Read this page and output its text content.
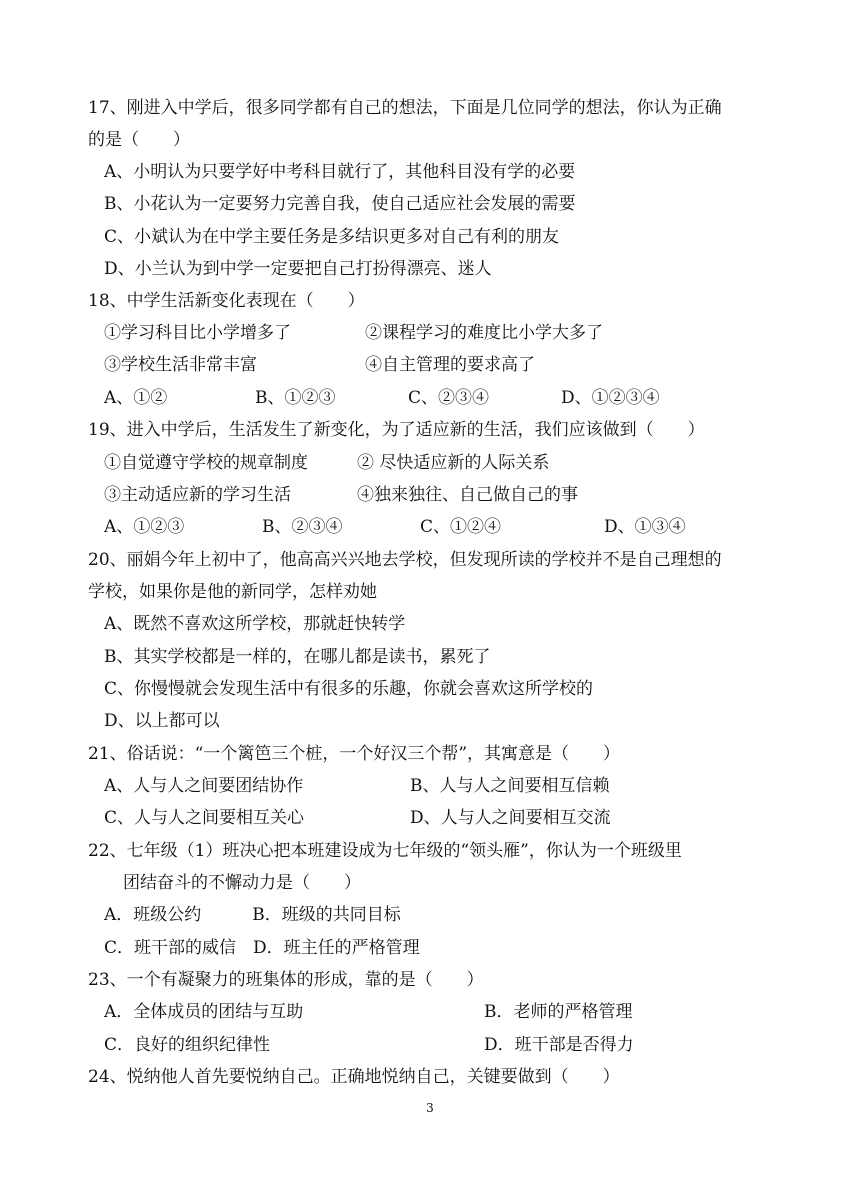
17、刚进入中学后，很多同学都有自己的想法，下面是几位同学的想法，你认为正确
的是（　　）
A、小明认为只要学好中考科目就行了，其他科目没有学的必要
B、小花认为一定要努力完善自我，使自己适应社会发展的需要
C、小斌认为在中学主要任务是多结识更多对自己有利的朋友
D、小兰认为到中学一定要把自己打扮得漂亮、迷人
18、中学生活新变化表现在（　　）
①学习科目比小学增多了	②课程学习的难度比小学大多了
③学校生活非常丰富	④自主管理的要求高了
A、①②	B、①②③	C、②③④	D、①②③④
19、进入中学后，生活发生了新变化，为了适应新的生活，我们应该做到（　　）
①自觉遵守学校的规章制度	② 尽快适应新的人际关系
③主动适应新的学习生活	④独来独往、自己做自己的事
A、①②③	B、②③④	C、①②④	D、①③④
20、丽娟今年上初中了，他高高兴兴地去学校，但发现所读的学校并不是自己理想的
学校，如果你是他的新同学，怎样劝她
A、既然不喜欢这所学校，那就赶快转学
B、其实学校都是一样的，在哪儿都是读书，累死了
C、你慢慢就会发现生活中有很多的乐趣，你就会喜欢这所学校的
D、以上都可以
21、俗话说：“一个篱笆三个桩，一个好汉三个帮”，其寓意是（　　）
A、人与人之间要团结协作	B、人与人之间要相互信赖
C、人与人之间要相互关心	D、人与人之间要相互交流
22、七年级（1）班决心把本班建设成为七年级的“领头雁”，你认为一个班级里
团结奋斗的不懈动力是（　　）
A．班级公约　　　B．班级的共同目标
C．班干部的威信　D．班主任的严格管理
23、一个有凝聚力的班集体的形成，靠的是（　　）
A．全体成员的团结与互助	B．老师的严格管理
C．良好的组织纪律性	D．班干部是否得力
24、悦纳他人首先要悦纳自己。正确地悦纳自己，关键要做到（　　）
3
